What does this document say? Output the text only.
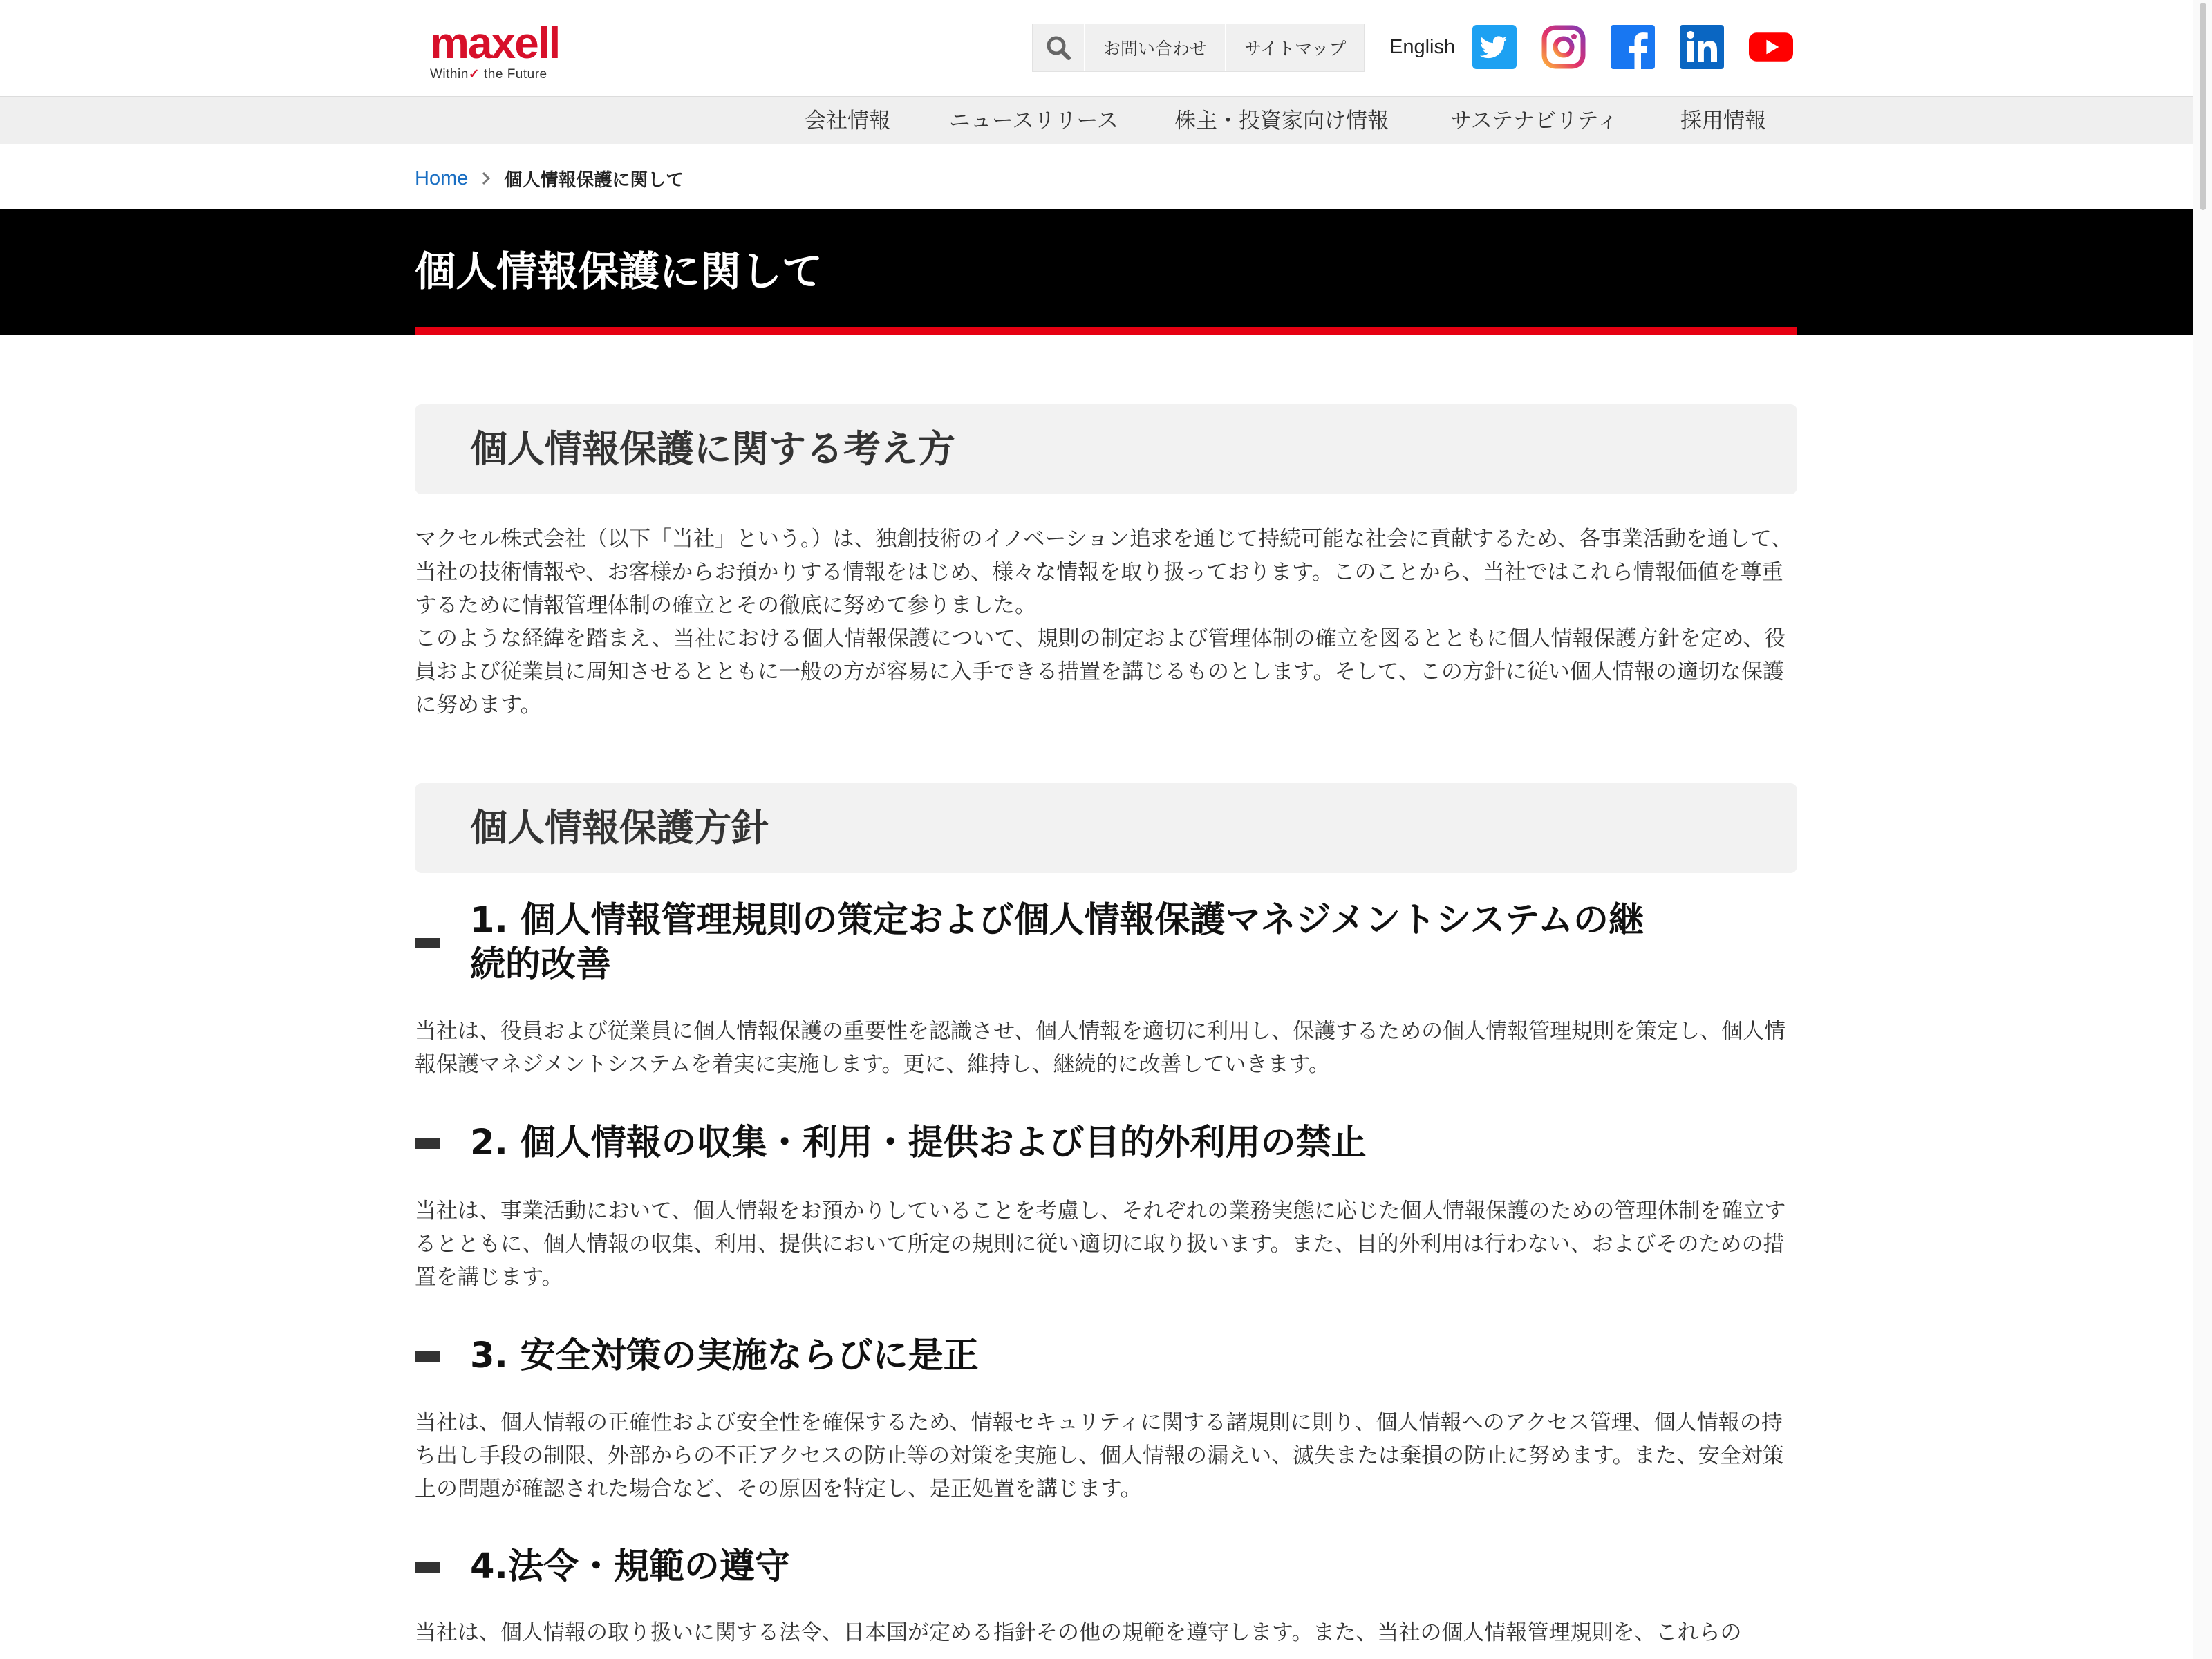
maxell
Within✓ the Future
お問い合わせ	サイトマップ	English
会社情報	ニュースリリース	株主・投資家向け情報	サステナビリティ	採用情報
Home 個人情報保護に関して
個人情報保護に関して
個人情報保護に関する考え方

マクセル株式会社（以下「当社」という。）は、独創技術のイノベーション追求を通じて持続可能な社会に貢献するため、各事業活動を通して、当社の技術情報や、お客様からお預かりする情報をはじめ、様々な情報を取り扱っております。このことから、当社ではこれら情報価値を尊重するために情報管理体制の確立とその徹底に努めて参りました。

このような経緯を踏まえ、当社における個人情報保護について、規則の制定および管理体制の確立を図るとともに個人情報保護方針を定め、役員および従業員に周知させるとともに一般の方が容易に入手できる措置を講じるものとします。そして、この方針に従い個人情報の適切な保護に努めます。

個人情報保護方針
1. 個人情報管理規則の策定および個人情報保護マネジメントシステムの継続的改善

当社は、役員および従業員に個人情報保護の重要性を認識させ、個人情報を適切に利用し、保護するための個人情報管理規則を策定し、個人情報保護マネジメントシステムを着実に実施します。更に、維持し、継続的に改善していきます。

2. 個人情報の収集・利用・提供および目的外利用の禁止

当社は、事業活動において、個人情報をお預かりしていることを考慮し、それぞれの業務実態に応じた個人情報保護のための管理体制を確立するとともに、個人情報の収集、利用、提供において所定の規則に従い適切に取り扱います。また、目的外利用は行わない、およびそのための措置を講じます。

3. 安全対策の実施ならびに是正

当社は、個人情報の正確性および安全性を確保するため、情報セキュリティに関する諸規則に則り、個人情報へのアクセス管理、個人情報の持ち出し手段の制限、外部からの不正アクセスの防止等の対策を実施し、個人情報の漏えい、滅失または棄損の防止に努めます。また、安全対策上の問題が確認された場合など、その原因を特定し、是正処置を講じます。

4.法令・規範の遵守

当社は、個人情報の取り扱いに関する法令、日本国が定める指針その他の規範を遵守します。また、当社の個人情報管理規則を、これらの
